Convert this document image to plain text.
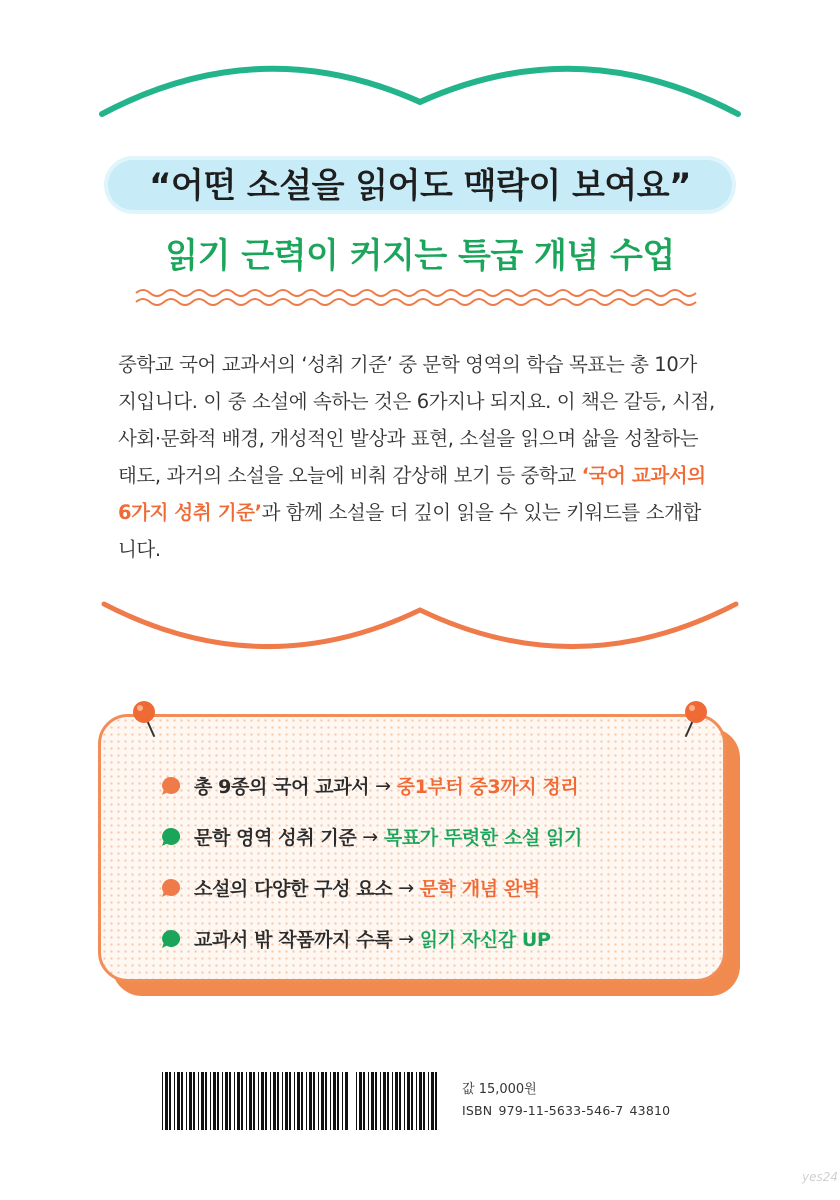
“어떤 소설을 읽어도 맥락이 보여요”
읽기 근력이 커지는 특급 개념 수업
중학교 국어 교과서의 ‘성취 기준’ 중 문학 영역의 학습 목표는 총 10가
지입니다. 이 중 소설에 속하는 것은 6가지나 되지요. 이 책은 갈등, 시점,
사회·문화적 배경, 개성적인 발상과 표현, 소설을 읽으며 삶을 성찰하는
태도, 과거의 소설을 오늘에 비춰 감상해 보기 등 중학교 ‘국어 교과서의
6가지 성취 기준’과 함께 소설을 더 깊이 읽을 수 있는 키워드를 소개합
니다.
총 9종의 국어 교과서 → 중1부터 중3까지 정리
문학 영역 성취 기준 → 목표가 뚜렷한 소설 읽기
소설의 다양한 구성 요소 → 문학 개념 완벽
교과서 밖 작품까지 수록 → 읽기 자신감 UP
값 15,000원
ISBN 979-11-5633-546-7 43810
yes24
